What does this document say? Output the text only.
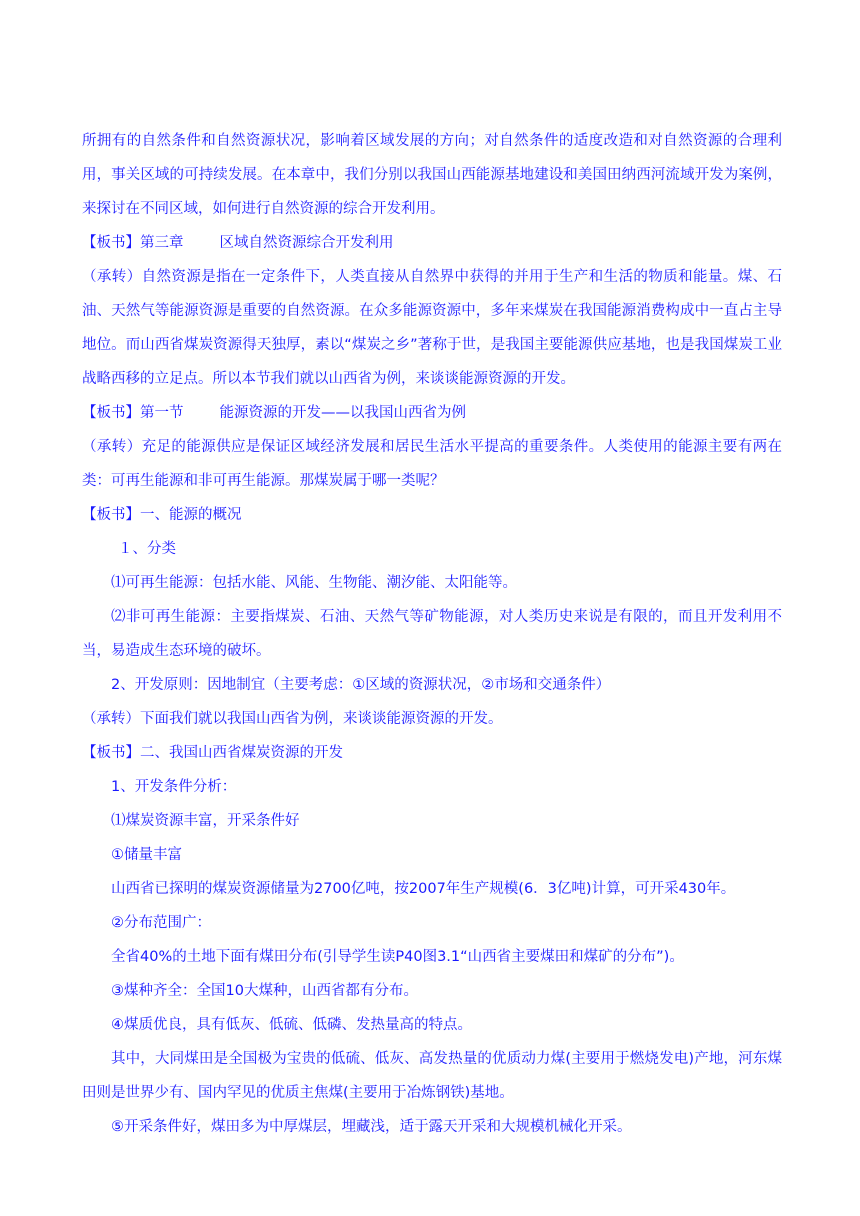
所拥有的自然条件和自然资源状况，影响着区域发展的方向；对自然条件的适度改造和对自然资源的合理利用，事关区域的可持续发展。在本章中，我们分别以我国山西能源基地建设和美国田纳西河流域开发为案例，来探讨在不同区域，如何进行自然资源的综合开发利用。

【板书】第三章 区域自然资源综合开发利用

（承转）自然资源是指在一定条件下，人类直接从自然界中获得的并用于生产和生活的物质和能量。煤、石油、天然气等能源资源是重要的自然资源。在众多能源资源中，多年来煤炭在我国能源消费构成中一直占主导地位。而山西省煤炭资源得天独厚，素以“煤炭之乡”著称于世，是我国主要能源供应基地，也是我国煤炭工业战略西移的立足点。所以本节我们就以山西省为例，来谈谈能源资源的开发。

【板书】第一节 能源资源的开发——以我国山西省为例

（承转）充足的能源供应是保证区域经济发展和居民生活水平提高的重要条件。人类使用的能源主要有两在类：可再生能源和非可再生能源。那煤炭属于哪一类呢？

【板书】一、能源的概况

１、分类

⑴可再生能源：包括水能、风能、生物能、潮汐能、太阳能等。

⑵非可再生能源：主要指煤炭、石油、天然气等矿物能源，对人类历史来说是有限的，而且开发利用不当，易造成生态环境的破坏。

2、开发原则：因地制宜（主要考虑：①区域的资源状况，②市场和交通条件）

（承转）下面我们就以我国山西省为例，来谈谈能源资源的开发。

【板书】二、我国山西省煤炭资源的开发

1、开发条件分析：

⑴煤炭资源丰富，开采条件好

①储量丰富

山西省已探明的煤炭资源储量为2700亿吨，按2007年生产规模(6．3亿吨)计算，可开采430年。

②分布范围广：

全省40%的土地下面有煤田分布(引导学生读P40图3.1“山西省主要煤田和煤矿的分布”)。

③煤种齐全：全国10大煤种，山西省都有分布。

④煤质优良，具有低灰、低硫、低磷、发热量高的特点。

其中，大同煤田是全国极为宝贵的低硫、低灰、高发热量的优质动力煤(主要用于燃烧发电)产地，河东煤田则是世界少有、国内罕见的优质主焦煤(主要用于冶炼钢铁)基地。

⑤开采条件好，煤田多为中厚煤层，埋藏浅，适于露天开采和大规模机械化开采。
